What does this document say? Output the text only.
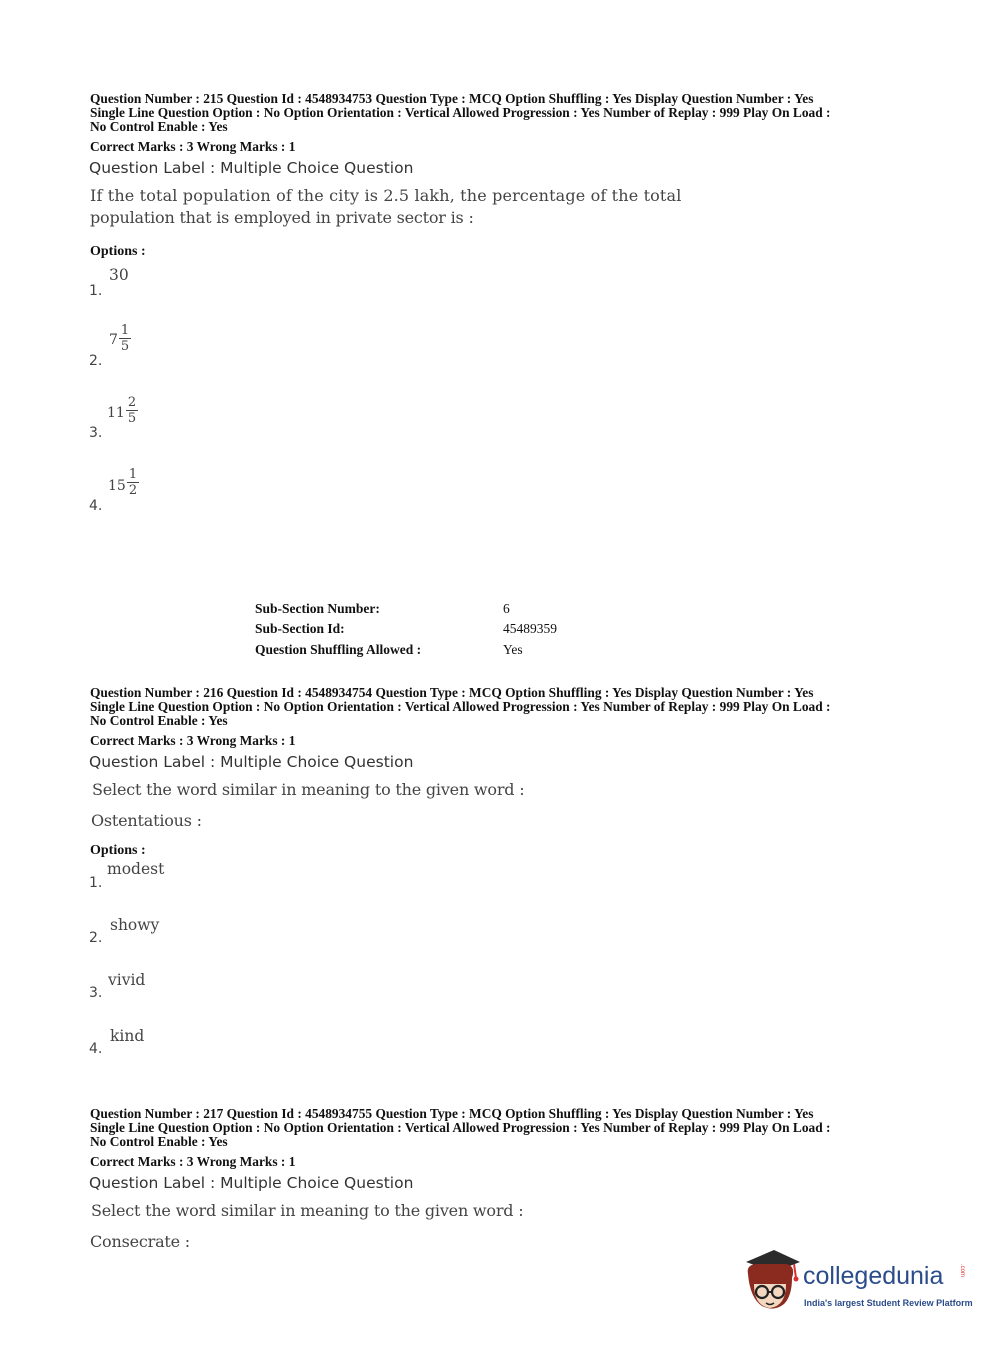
Question Number : 215 Question Id : 4548934753 Question Type : MCQ Option Shuffling : Yes Display Question Number : Yes
Single Line Question Option : No Option Orientation : Vertical Allowed Progression : Yes Number of Replay : 999 Play On Load :
No Control Enable : Yes
Correct Marks : 3 Wrong Marks : 1
Question Label : Multiple Choice Question
If the total population of the city is 2.5 lakh, the percentage of the total
population that is employed in private sector is :
Options :
1.
30
2.
7
1
5
3.
11
2
5
4.
15
1
2
Sub-Section Number:	6
Sub-Section Id:	45489359
Question Shuffling Allowed :	Yes
Question Number : 216 Question Id : 4548934754 Question Type : MCQ Option Shuffling : Yes Display Question Number : Yes
Single Line Question Option : No Option Orientation : Vertical Allowed Progression : Yes Number of Replay : 999 Play On Load :
No Control Enable : Yes
Correct Marks : 3 Wrong Marks : 1
Question Label : Multiple Choice Question
Select the word similar in meaning to the given word :
Ostentatious :
Options :
1.
modest
2.
showy
3.
vivid
4.
kind
Question Number : 217 Question Id : 4548934755 Question Type : MCQ Option Shuffling : Yes Display Question Number : Yes
Single Line Question Option : No Option Orientation : Vertical Allowed Progression : Yes Number of Replay : 999 Play On Load :
No Control Enable : Yes
Correct Marks : 3 Wrong Marks : 1
Question Label : Multiple Choice Question
Select the word similar in meaning to the given word :
Consecrate :
collegedunia	.com
India's largest Student Review Platform
